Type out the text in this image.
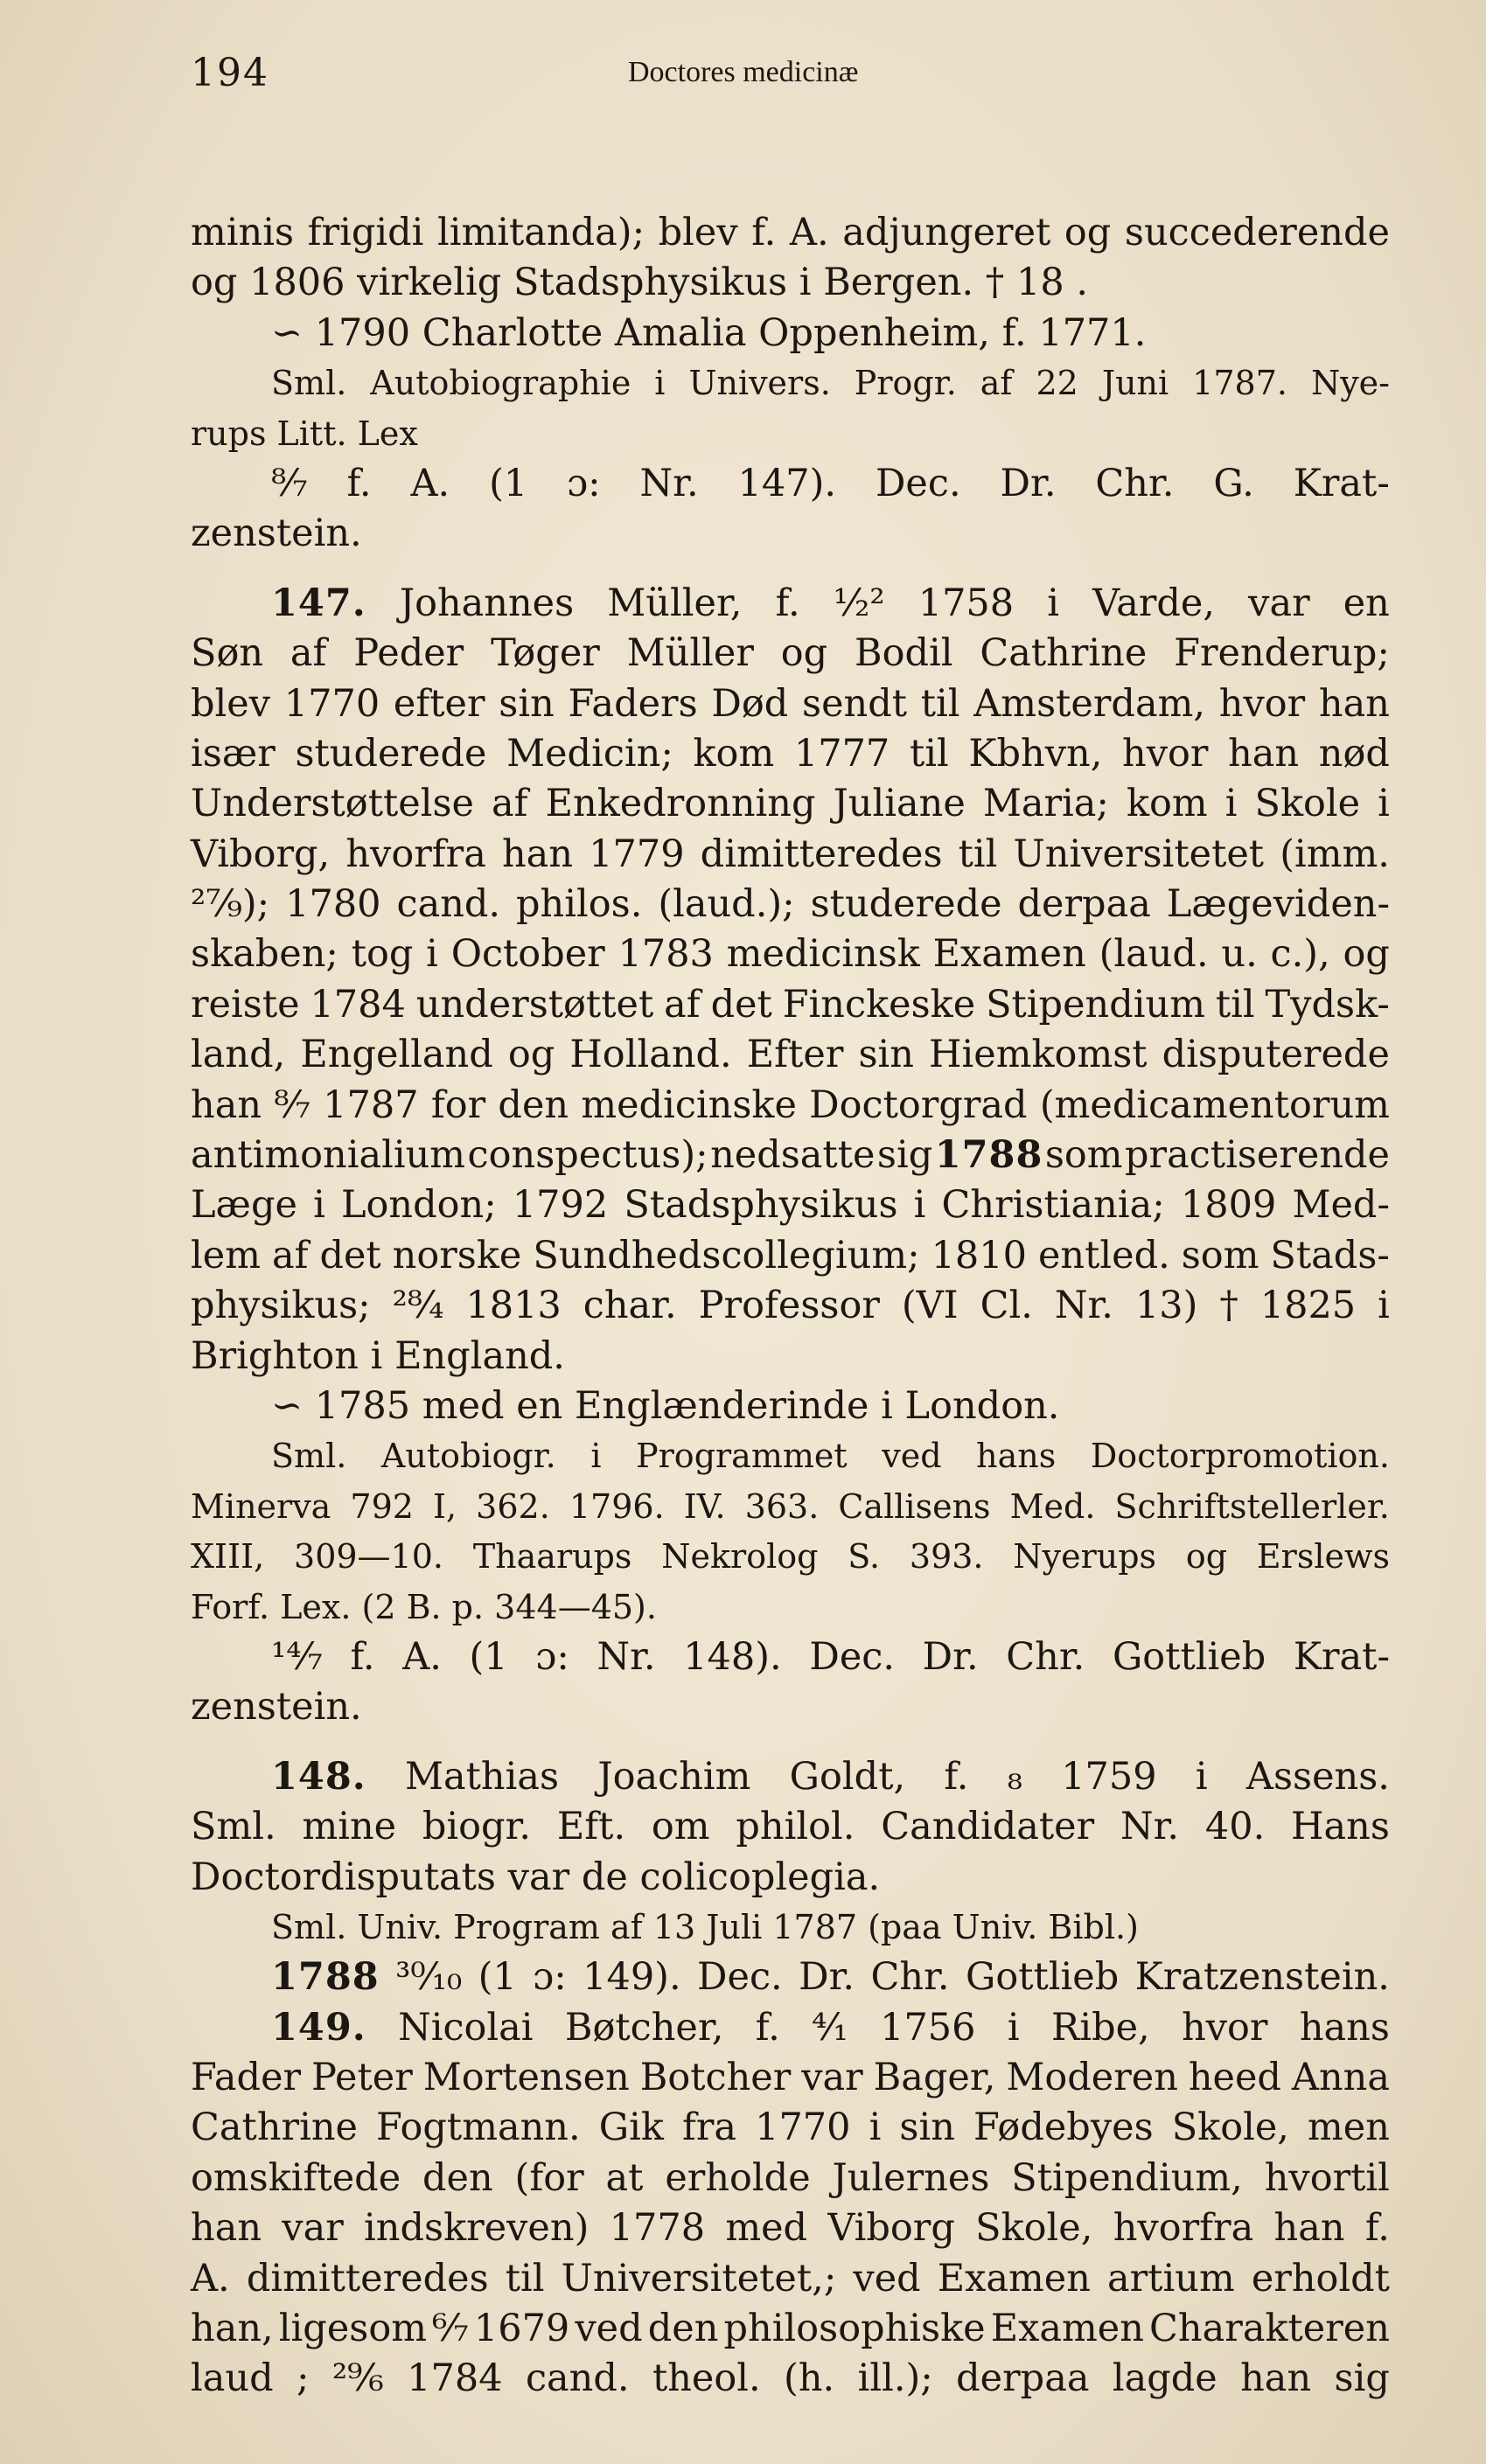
194	Doctores medicinæ
minis frigidi limitanda); blev f. A. adjungeret og succederende
og 1806 virkelig Stadsphysikus i Bergen. † 18 .
∽ 1790 Charlotte Amalia Oppenheim, f. 1771.
Sml. Autobiographie i Univers. Progr. af 22 Juni 1787. Nye-
rups Litt. Lex
⁸⁄₇ f. A. (1 ɔ: Nr. 147). Dec. Dr. Chr. G. Krat-
zenstein.
147. Johannes Müller, f. ¹⁄₂² 1758 i Varde, var en
Søn af Peder Tøger Müller og Bodil Cathrine Frenderup;
blev 1770 efter sin Faders Død sendt til Amsterdam, hvor han
især studerede Medicin; kom 1777 til Kbhvn, hvor han nød
Understøttelse af Enkedronning Juliane Maria; kom i Skole i
Viborg, hvorfra han 1779 dimitteredes til Universitetet (imm.
²⁷⁄₉); 1780 cand. philos. (laud.); studerede derpaa Lægeviden-
skaben; tog i October 1783 medicinsk Examen (laud. u. c.), og
reiste 1784 understøttet af det Finckeske Stipendium til Tydsk-
land, Engelland og Holland. Efter sin Hiemkomst disputerede
han ⁸⁄₇ 1787 for den medicinske Doctorgrad (medicamentorum
antimonialium conspectus); nedsatte sig 1788 som practiserende
Læge i London; 1792 Stadsphysikus i Christiania; 1809 Med-
lem af det norske Sundhedscollegium; 1810 entled. som Stads-
physikus; ²⁸⁄₄ 1813 char. Professor (VI Cl. Nr. 13) † 1825 i
Brighton i England.
∽ 1785 med en Englænderinde i London.
Sml. Autobiogr. i Programmet ved hans Doctorpromotion.
Minerva 792 I, 362. 1796. IV. 363. Callisens Med. Schriftstellerler.
XIII, 309—10. Thaarups Nekrolog S. 393. Nyerups og Erslews
Forf. Lex. (2 B. p. 344—45).
¹⁴⁄₇ f. A. (1 ɔ: Nr. 148). Dec. Dr. Chr. Gottlieb Krat-
zenstein.
148. Mathias Joachim Goldt, f. ₈ 1759 i Assens.
Sml. mine biogr. Eft. om philol. Candidater Nr. 40. Hans
Doctordisputats var de colicoplegia.
Sml. Univ. Program af 13 Juli 1787 (paa Univ. Bibl.)
1788 ³⁰⁄₁₀ (1 ɔ: 149). Dec. Dr. Chr. Gottlieb Kratzenstein.
149. Nicolai Bøtcher, f. ⁴⁄₁ 1756 i Ribe, hvor hans
Fader Peter Mortensen Botcher var Bager, Moderen heed Anna
Cathrine Fogtmann. Gik fra 1770 i sin Fødebyes Skole, men
omskiftede den (for at erholde Julernes Stipendium, hvortil
han var indskreven) 1778 med Viborg Skole, hvorfra han f.
A. dimitteredes til Universitetet,; ved Examen artium erholdt
han, ligesom ⁶⁄₇ 1679 ved den philosophiske Examen Charakteren
laud ; ²⁹⁄₆ 1784 cand. theol. (h. ill.); derpaa lagde han sig
